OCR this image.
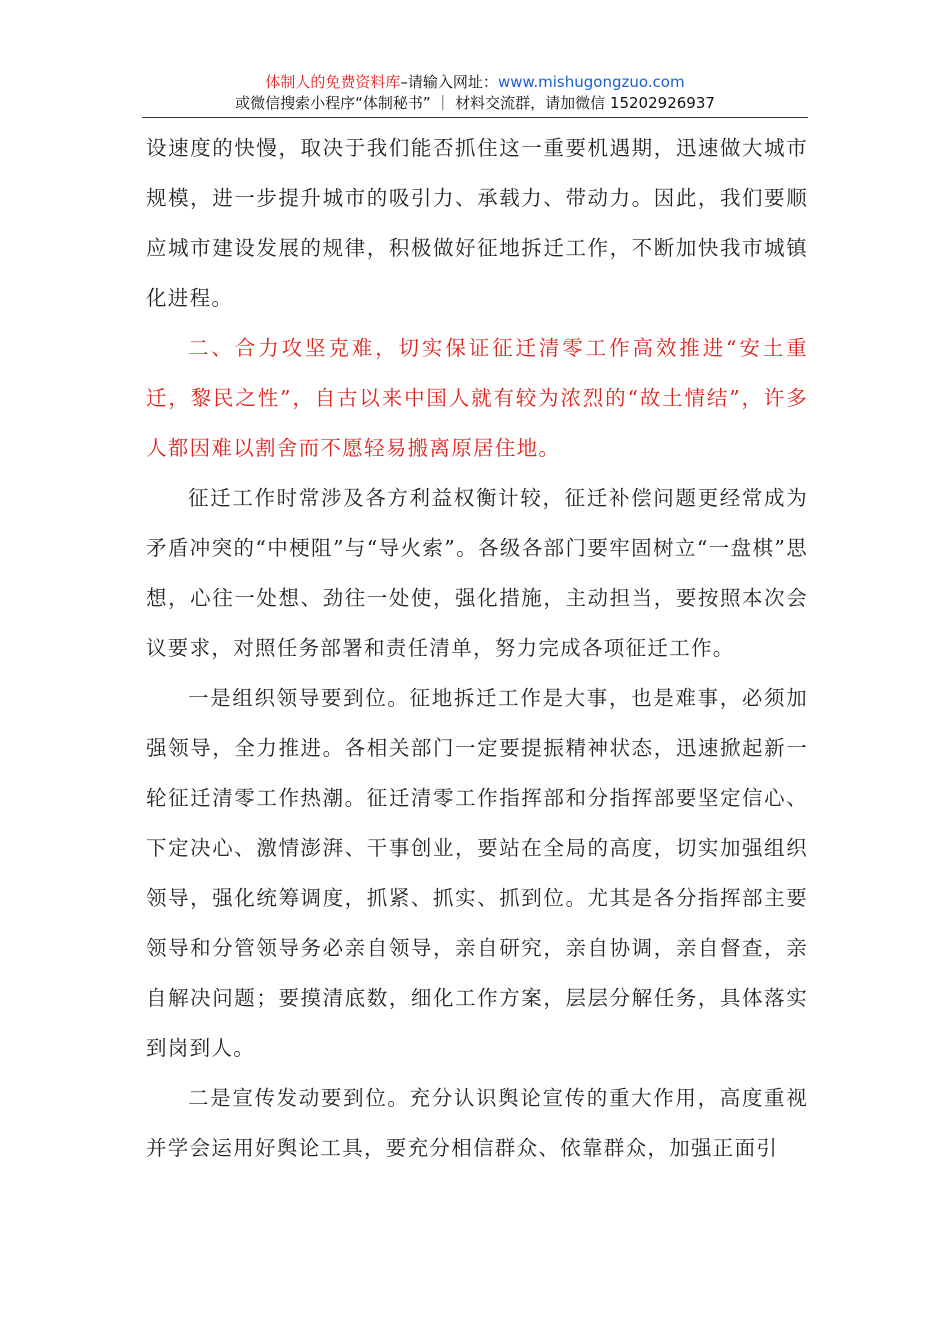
体制人的免费资料库–请输入网址：www.mishugongzuo.com
或微信搜索小程序“体制秘书” ｜ 材料交流群，请加微信 15202926937

设速度的快慢，取决于我们能否抓住这一重要机遇期，迅速做大城市规模，进一步提升城市的吸引力、承载力、带动力。因此，我们要顺应城市建设发展的规律，积极做好征地拆迁工作，不断加快我市城镇化进程。

二、合力攻坚克难，切实保证征迁清零工作高效推进“安土重迁，黎民之性”，自古以来中国人就有较为浓烈的“故土情结”，许多人都因难以割舍而不愿轻易搬离原居住地。

征迁工作时常涉及各方利益权衡计较，征迁补偿问题更经常成为矛盾冲突的“中梗阻”与“导火索”。各级各部门要牢固树立“一盘棋”思想，心往一处想、劲往一处使，强化措施，主动担当，要按照本次会议要求，对照任务部署和责任清单，努力完成各项征迁工作。

一是组织领导要到位。征地拆迁工作是大事，也是难事，必须加强领导，全力推进。各相关部门一定要提振精神状态，迅速掀起新一轮征迁清零工作热潮。征迁清零工作指挥部和分指挥部要坚定信心、下定决心、激情澎湃、干事创业，要站在全局的高度，切实加强组织领导，强化统筹调度，抓紧、抓实、抓到位。尤其是各分指挥部主要领导和分管领导务必亲自领导，亲自研究，亲自协调，亲自督查，亲自解决问题；要摸清底数，细化工作方案，层层分解任务，具体落实到岗到人。

二是宣传发动要到位。充分认识舆论宣传的重大作用，高度重视并学会运用好舆论工具，要充分相信群众、依靠群众，加强正面引
